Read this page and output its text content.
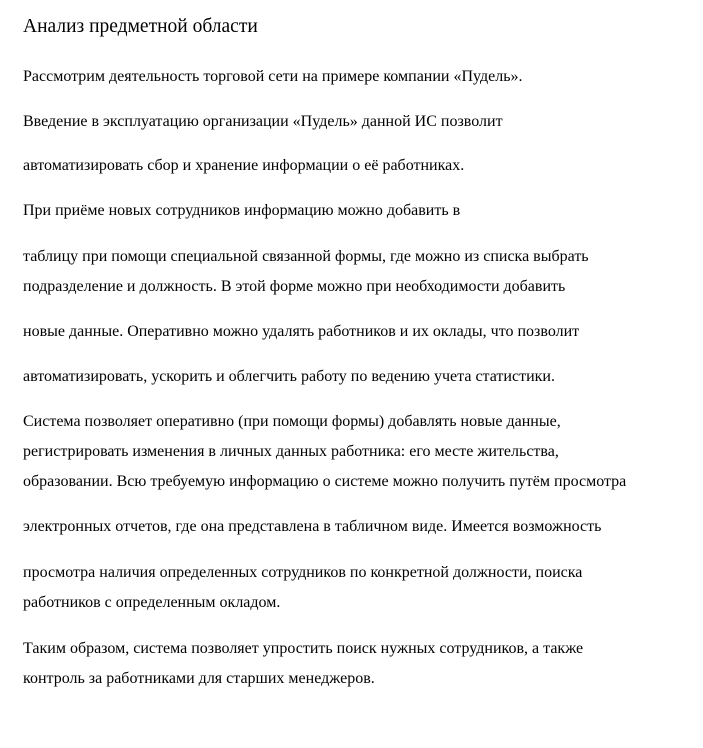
Анализ предметной области

Рассмотрим деятельность торговой сети на примере компании «Пудель».

Введение в эксплуатацию организации «Пудель» данной ИС позволит

автоматизировать сбор и хранение информации о её работниках.

При приёме новых сотрудников информацию можно добавить в

таблицу при помощи специальной связанной формы, где можно из списка выбрать

подразделение и должность. В этой форме можно при необходимости добавить

новые данные. Оперативно можно удалять работников и их оклады, что позволит

автоматизировать, ускорить и облегчить работу по ведению учета статистики.

Система позволяет оперативно (при помощи формы) добавлять новые данные,

регистрировать изменения в личных данных работника: его месте жительства,

образовании. Всю требуемую информацию о системе можно получить путём просмотра

электронных отчетов, где она представлена в табличном виде. Имеется возможность

просмотра наличия определенных сотрудников по конкретной должности, поиска

работников с определенным окладом.

Таким образом, система позволяет упростить поиск нужных сотрудников, а также

контроль за работниками для старших менеджеров.
